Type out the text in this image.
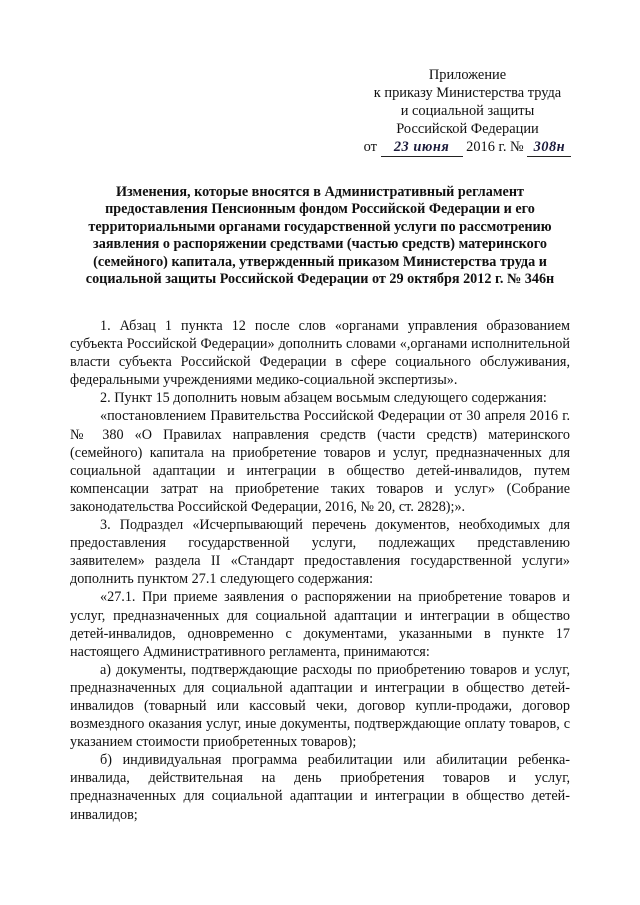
Приложение
к приказу Министерства труда
и социальной защиты
Российской Федерации
от 23 июня 2016 г. № 308н
Изменения, которые вносятся в Административный регламент
предоставления Пенсионным фондом Российской Федерации и его
территориальными органами государственной услуги по рассмотрению
заявления о распоряжении средствами (частью средств) материнского
(семейного) капитала, утвержденный приказом Министерства труда и
социальной защиты Российской Федерации от 29 октября 2012 г. № 346н

1. Абзац 1 пункта 12 после слов «органами управления образованием субъекта Российской Федерации» дополнить словами «,органами исполнительной власти субъекта Российской Федерации в сфере социального обслуживания, федеральными учреждениями медико-социальной экспертизы».

2. Пункт 15 дополнить новым абзацем восьмым следующего содержания:

«постановлением Правительства Российской Федерации от 30 апреля 2016 г. № 380 «О Правилах направления средств (части средств) материнского (семейного) капитала на приобретение товаров и услуг, предназначенных для социальной адаптации и интеграции в общество детей-инвалидов, путем компенсации затрат на приобретение таких товаров и услуг» (Собрание законодательства Российской Федерации, 2016, № 20, ст. 2828);».

3. Подраздел «Исчерпывающий перечень документов, необходимых для предоставления государственной услуги, подлежащих представлению заявителем» раздела II «Стандарт предоставления государственной услуги» дополнить пунктом 27.1 следующего содержания:

«27.1. При приеме заявления о распоряжении на приобретение товаров и услуг, предназначенных для социальной адаптации и интеграции в общество детей-инвалидов, одновременно с документами, указанными в пункте 17 настоящего Административного регламента, принимаются:

а) документы, подтверждающие расходы по приобретению товаров и услуг, предназначенных для социальной адаптации и интеграции в общество детей-инвалидов (товарный или кассовый чеки, договор купли-продажи, договор возмездного оказания услуг, иные документы, подтверждающие оплату товаров, с указанием стоимости приобретенных товаров);

б) индивидуальная программа реабилитации или абилитации ребенка-инвалида, действительная на день приобретения товаров и услуг, предназначенных для социальной адаптации и интеграции в общество детей-инвалидов;
